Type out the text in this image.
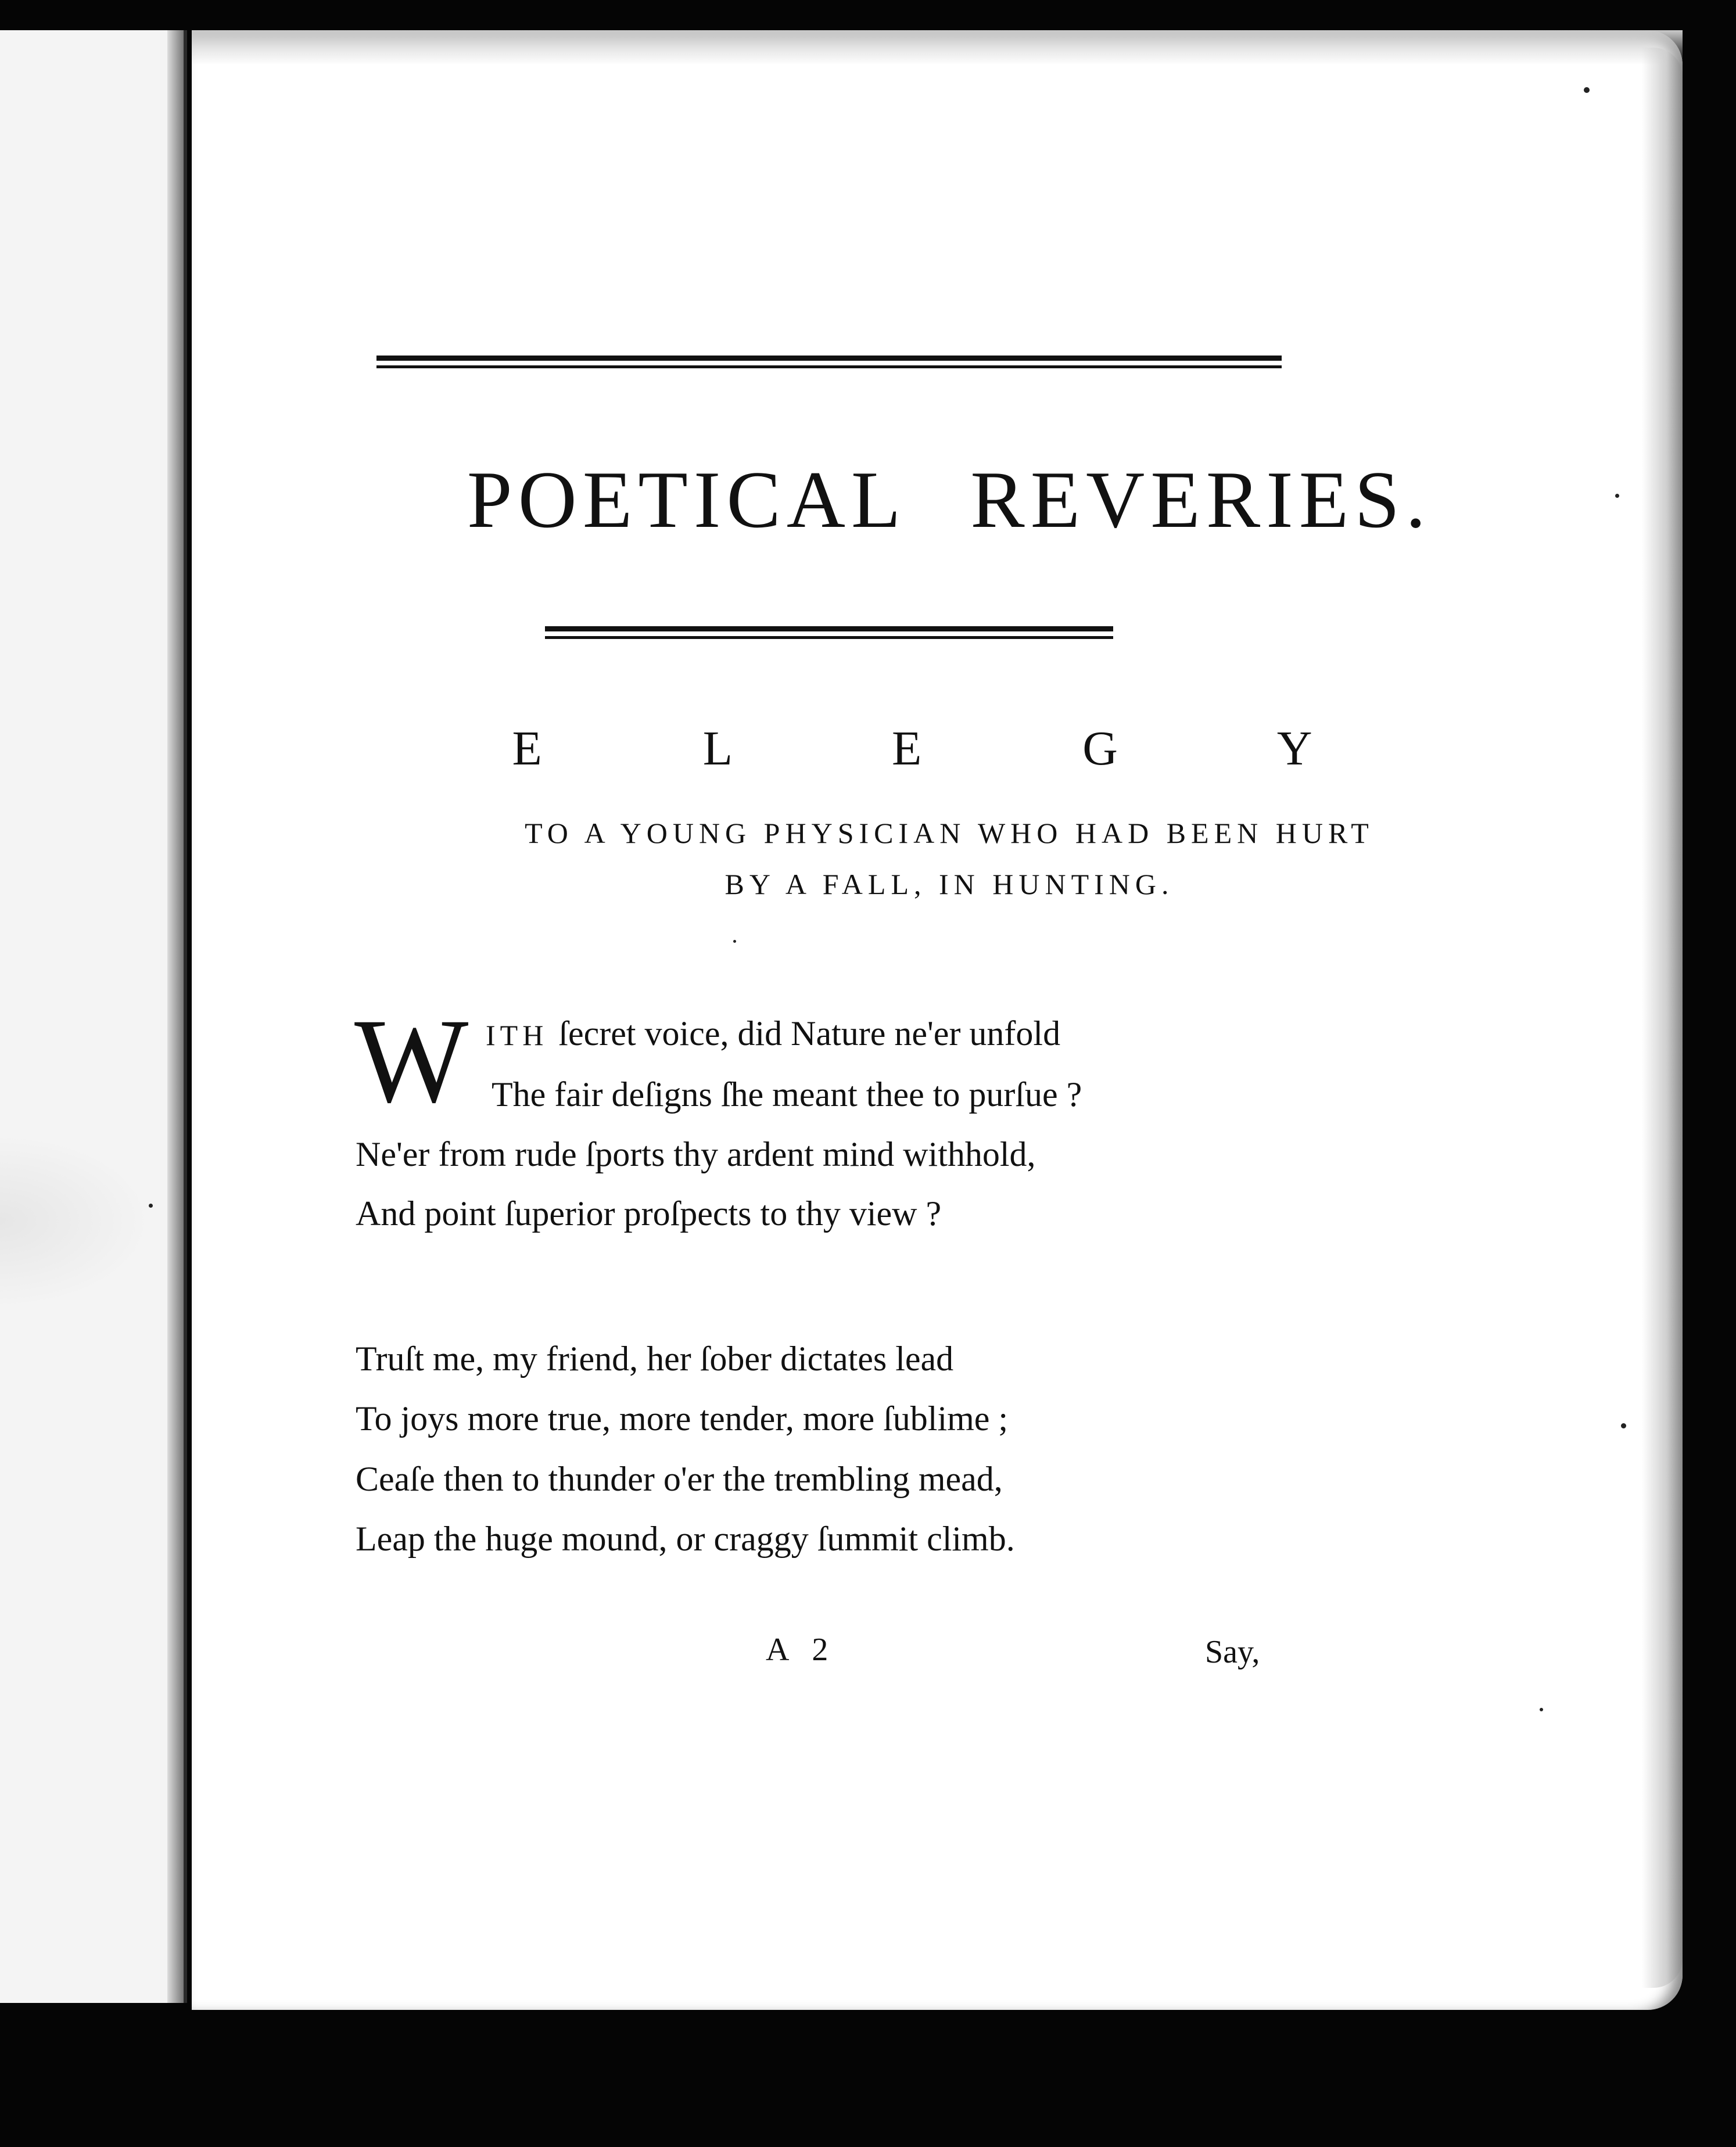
POETICAL REVERIES.
E L E G Y
TO A YOUNG PHYSICIAN WHO HAD BEEN HURT
BY A FALL, IN HUNTING.
W ITH ſecret voice, did Nature ne'er unfold
The fair deſigns ſhe meant thee to purſue ?
Ne'er from rude ſports thy ardent mind withhold,
And point ſuperior proſpects to thy view ?
Truſt me, my friend, her ſober dictates lead
To joys more true, more tender, more ſublime ;
Ceaſe then to thunder o'er the trembling mead,
Leap the huge mound, or craggy ſummit climb.
A 2	Say,
